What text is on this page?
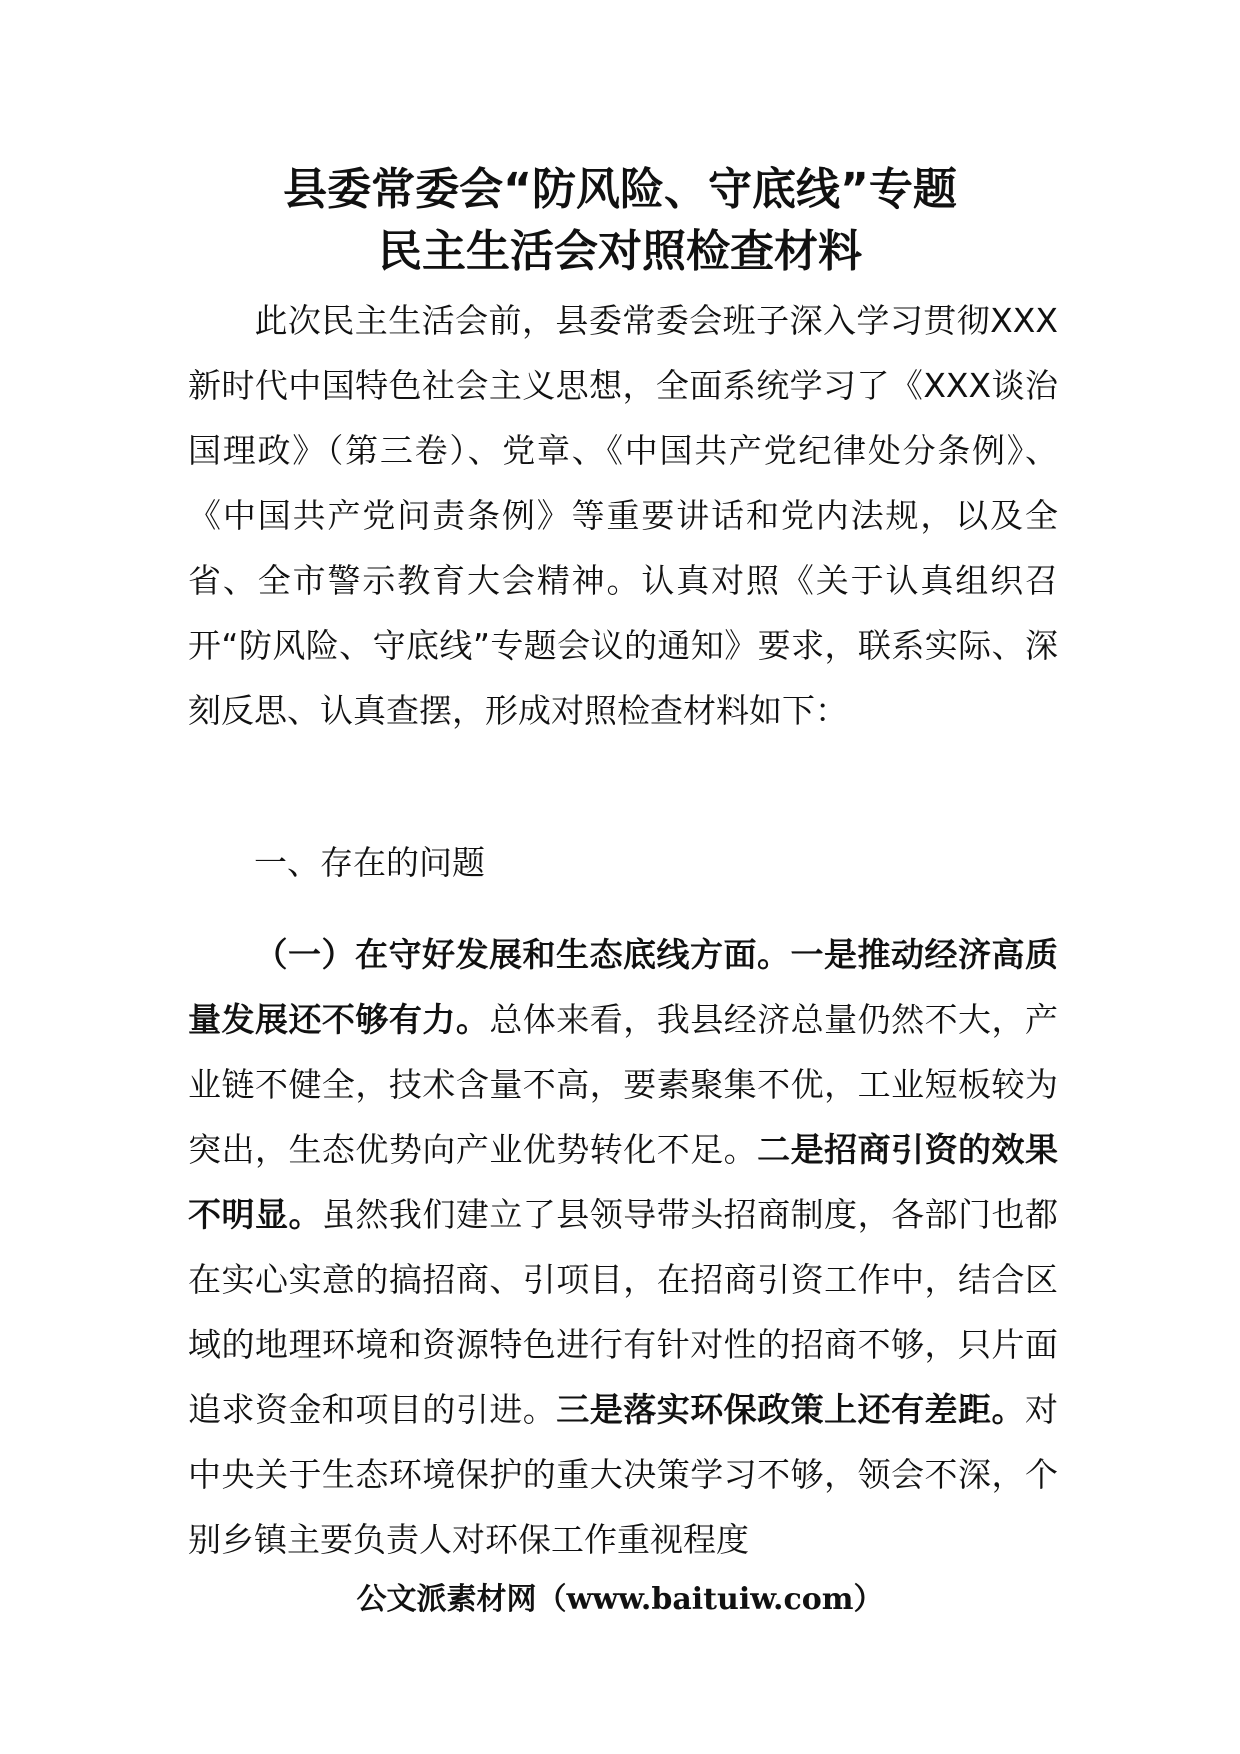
县委常委会“防风险、守底线”专题
民主生活会对照检查材料

此次民主生活会前，县委常委会班子深入学习贯彻XXX新时代中国特色社会主义思想，全面系统学习了《XXX谈治国理政》（第三卷）、党章、《中国共产党纪律处分条例》、《中国共产党问责条例》等重要讲话和党内法规，以及全省、全市警示教育大会精神。认真对照《关于认真组织召开“防风险、守底线”专题会议的通知》要求，联系实际、深刻反思、认真查摆，形成对照检查材料如下：

一、存在的问题

（一）在守好发展和生态底线方面。一是推动经济高质量发展还不够有力。总体来看，我县经济总量仍然不大，产业链不健全，技术含量不高，要素聚集不优，工业短板较为突出，生态优势向产业优势转化不足。二是招商引资的效果不明显。虽然我们建立了县领导带头招商制度，各部门也都在实心实意的搞招商、引项目，在招商引资工作中，结合区域的地理环境和资源特色进行有针对性的招商不够，只片面追求资金和项目的引进。三是落实环保政策上还有差距。对中央关于生态环境保护的重大决策学习不够，领会不深，个别乡镇主要负责人对环保工作重视程度

公文派素材网（www.baituiw.com）
